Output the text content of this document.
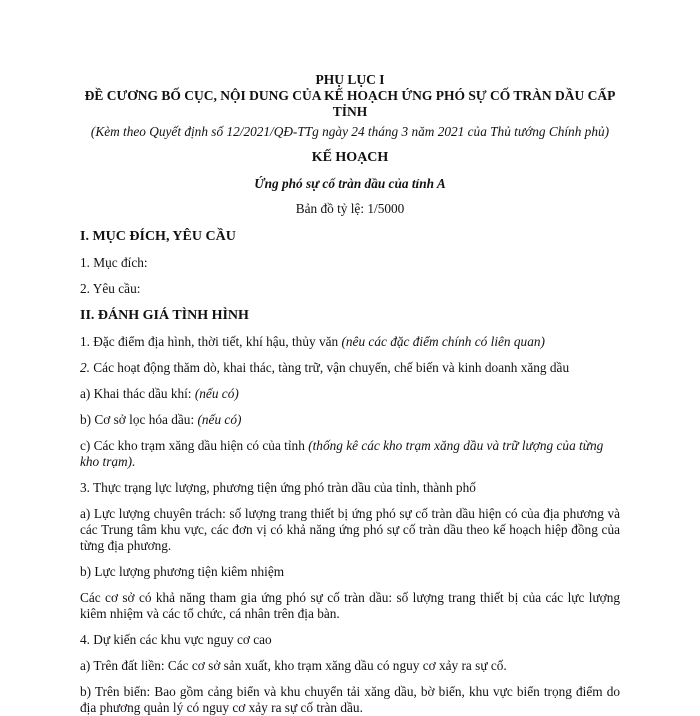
PHỤ LỤC I

ĐỀ CƯƠNG BỐ CỤC, NỘI DUNG CỦA KẾ HOẠCH ỨNG PHÓ SỰ CỐ TRÀN DẦU CẤP

TỈNH

(Kèm theo Quyết định số 12/2021/QĐ-TTg ngày 24 tháng 3 năm 2021 của Thủ tướng Chính phủ)

KẾ HOẠCH

Ứng phó sự cố tràn dầu của tỉnh A

Bản đồ tỷ lệ: 1/5000

I. MỤC ĐÍCH, YÊU CẦU

1. Mục đích:

2. Yêu cầu:

II. ĐÁNH GIÁ TÌNH HÌNH

1. Đặc điểm địa hình, thời tiết, khí hậu, thủy văn (nêu các đặc điểm chính có liên quan)

2. Các hoạt động thăm dò, khai thác, tàng trữ, vận chuyển, chế biến và kinh doanh xăng dầu

a) Khai thác dầu khí: (nếu có)

b) Cơ sở lọc hóa dầu: (nếu có)

c) Các kho trạm xăng dầu hiện có của tỉnh (thống kê các kho trạm xăng dầu và trữ lượng của từng kho trạm).

3. Thực trạng lực lượng, phương tiện ứng phó tràn dầu của tỉnh, thành phố

a) Lực lượng chuyên trách: số lượng trang thiết bị ứng phó sự cố tràn dầu hiện có của địa phương và các Trung tâm khu vực, các đơn vị có khả năng ứng phó sự cố tràn dầu theo kế hoạch hiệp đồng của từng địa phương.

b) Lực lượng phương tiện kiêm nhiệm

Các cơ sở có khả năng tham gia ứng phó sự cố tràn dầu: số lượng trang thiết bị của các lực lượng kiêm nhiệm và các tổ chức, cá nhân trên địa bàn.

4. Dự kiến các khu vực nguy cơ cao

a) Trên đất liền: Các cơ sở sản xuất, kho trạm xăng dầu có nguy cơ xảy ra sự cố.

b) Trên biển: Bao gồm cảng biển và khu chuyển tải xăng dầu, bờ biển, khu vực biển trọng điểm do địa phương quản lý có nguy cơ xảy ra sự cố tràn dầu.
